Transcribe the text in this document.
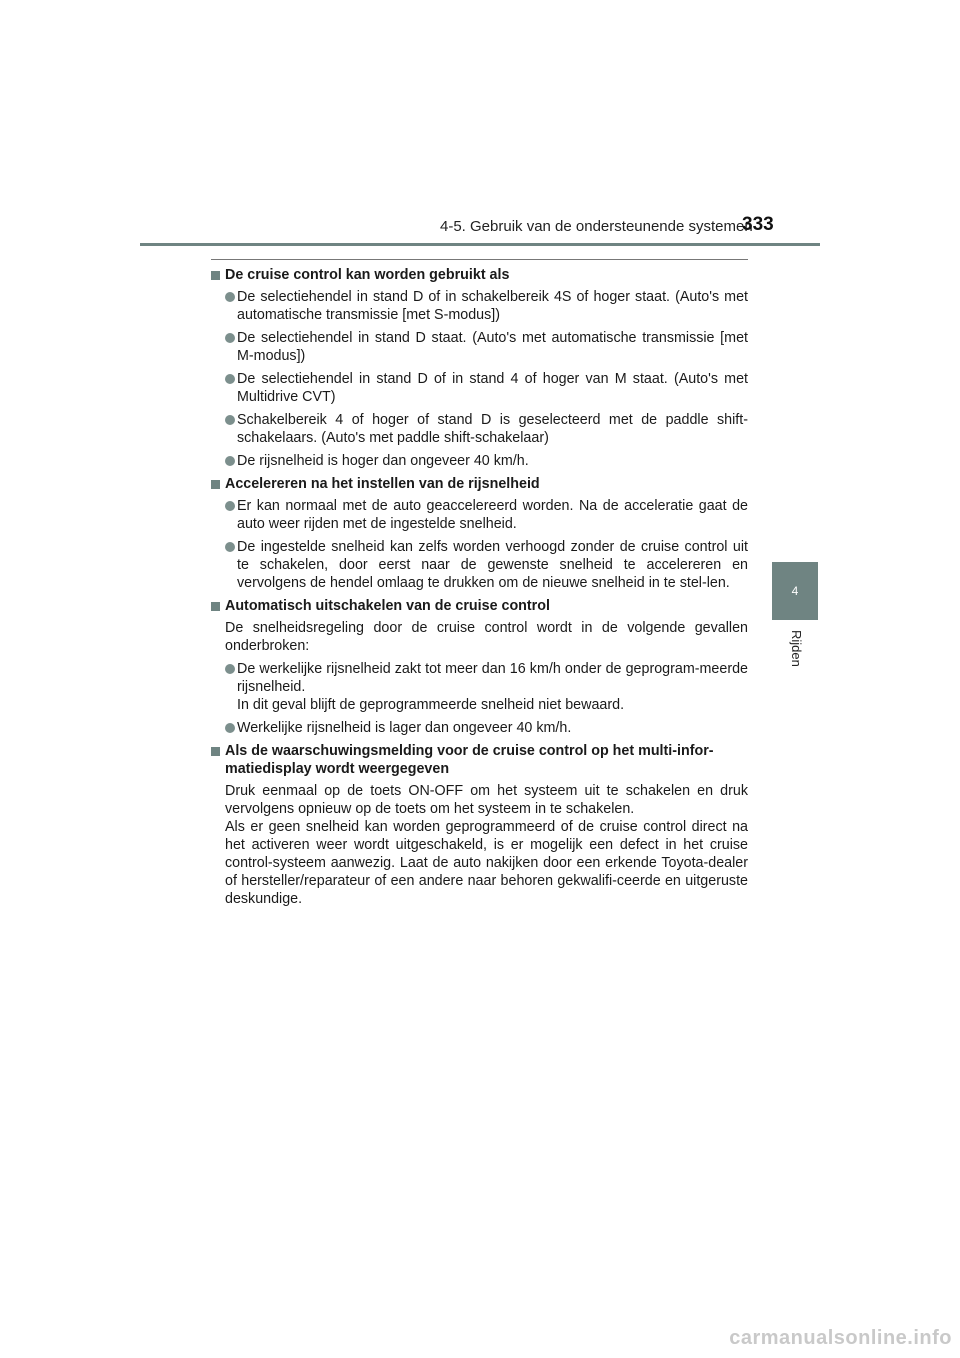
4-5. Gebruik van de ondersteunende systemen
333
4
Rijden
De cruise control kan worden gebruikt als
De selectiehendel in stand D of in schakelbereik 4S of hoger staat. (Auto's met automatische transmissie [met S-modus])
De selectiehendel in stand D staat. (Auto's met automatische transmissie [met M-modus])
De selectiehendel in stand D of in stand 4 of hoger van M staat. (Auto's met Multidrive CVT)
Schakelbereik 4 of hoger of stand D is geselecteerd met de paddle shift-schakelaars. (Auto's met paddle shift-schakelaar)
De rijsnelheid is hoger dan ongeveer 40 km/h.
Accelereren na het instellen van de rijsnelheid
Er kan normaal met de auto geaccelereerd worden. Na de acceleratie gaat de auto weer rijden met de ingestelde snelheid.
De ingestelde snelheid kan zelfs worden verhoogd zonder de cruise control uit te schakelen, door eerst naar de gewenste snelheid te accelereren en vervolgens de hendel omlaag te drukken om de nieuwe snelheid in te stel-len.
Automatisch uitschakelen van de cruise control
De snelheidsregeling door de cruise control wordt in de volgende gevallen onderbroken:
De werkelijke rijsnelheid zakt tot meer dan 16 km/h onder de geprogram-meerde rijsnelheid.
In dit geval blijft de geprogrammeerde snelheid niet bewaard.
Werkelijke rijsnelheid is lager dan ongeveer 40 km/h.
Als de waarschuwingsmelding voor de cruise control op het multi-infor-matiedisplay wordt weergegeven
Druk eenmaal op de toets ON-OFF om het systeem uit te schakelen en druk vervolgens opnieuw op de toets om het systeem in te schakelen.
Als er geen snelheid kan worden geprogrammeerd of de cruise control direct na het activeren weer wordt uitgeschakeld, is er mogelijk een defect in het cruise control-systeem aanwezig. Laat de auto nakijken door een erkende Toyota-dealer of hersteller/reparateur of een andere naar behoren gekwalifi-ceerde en uitgeruste deskundige.
carmanualsonline.info
